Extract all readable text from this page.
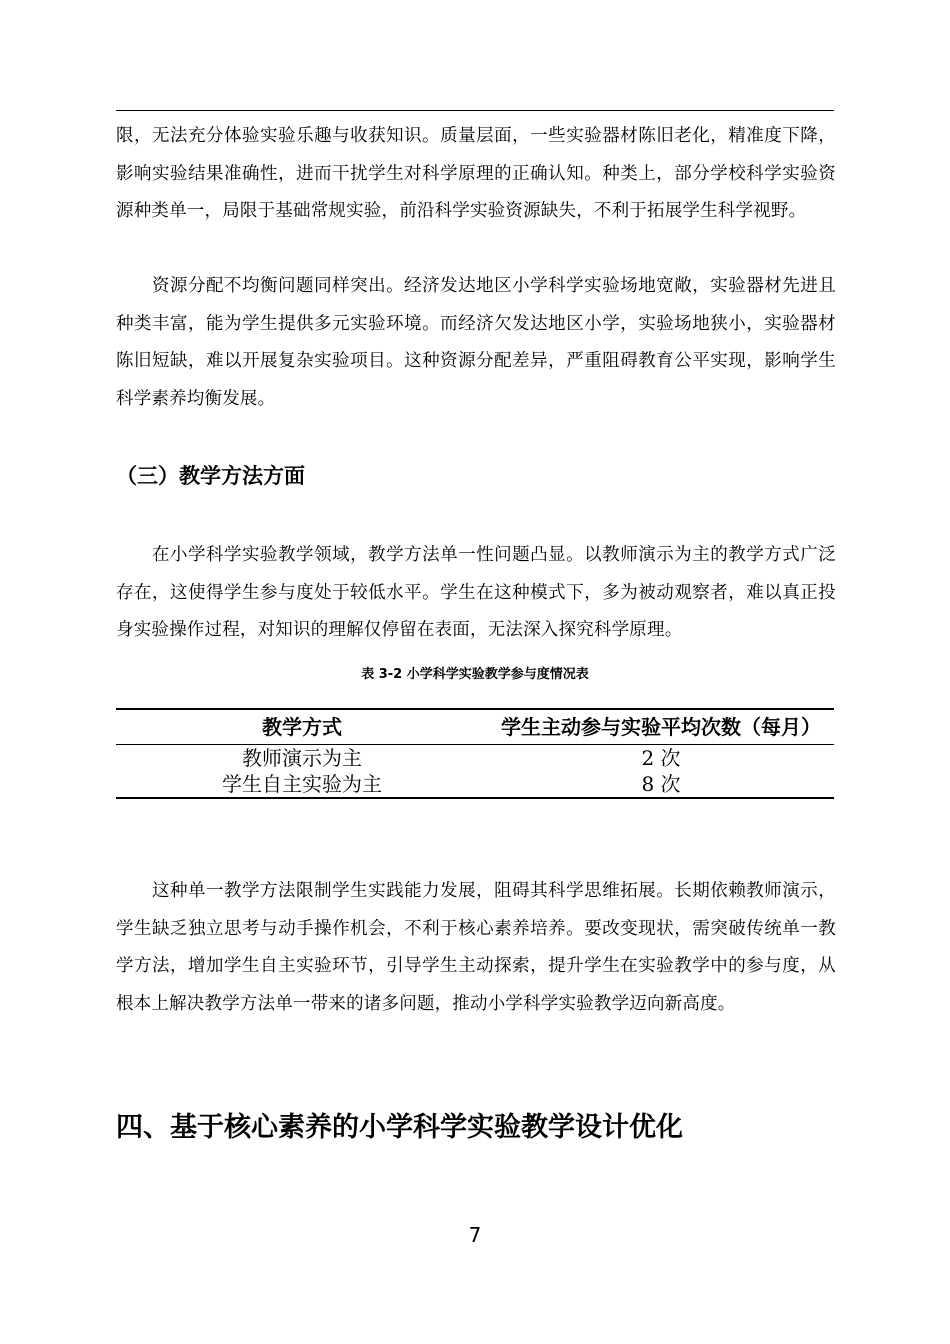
限，无法充分体验实验乐趣与收获知识。质量层面，一些实验器材陈旧老化，精准度下降，影响实验结果准确性，进而干扰学生对科学原理的正确认知。种类上，部分学校科学实验资源种类单一，局限于基础常规实验，前沿科学实验资源缺失，不利于拓展学生科学视野。

资源分配不均衡问题同样突出。经济发达地区小学科学实验场地宽敞，实验器材先进且种类丰富，能为学生提供多元实验环境。而经济欠发达地区小学，实验场地狭小，实验器材陈旧短缺，难以开展复杂实验项目。这种资源分配差异，严重阻碍教育公平实现，影响学生科学素养均衡发展。

（三）教学方法方面

在小学科学实验教学领域，教学方法单一性问题凸显。以教师演示为主的教学方式广泛存在，这使得学生参与度处于较低水平。学生在这种模式下，多为被动观察者，难以真正投身实验操作过程，对知识的理解仅停留在表面，无法深入探究科学原理。

表 3-2 小学科学实验教学参与度情况表

教学方式	学生主动参与实验平均次数（每月）
教师演示为主	2 次
学生自主实验为主	8 次

这种单一教学方法限制学生实践能力发展，阻碍其科学思维拓展。长期依赖教师演示，学生缺乏独立思考与动手操作机会，不利于核心素养培养。要改变现状，需突破传统单一教学方法，增加学生自主实验环节，引导学生主动探索，提升学生在实验教学中的参与度，从根本上解决教学方法单一带来的诸多问题，推动小学科学实验教学迈向新高度。

四、基于核心素养的小学科学实验教学设计优化

7
